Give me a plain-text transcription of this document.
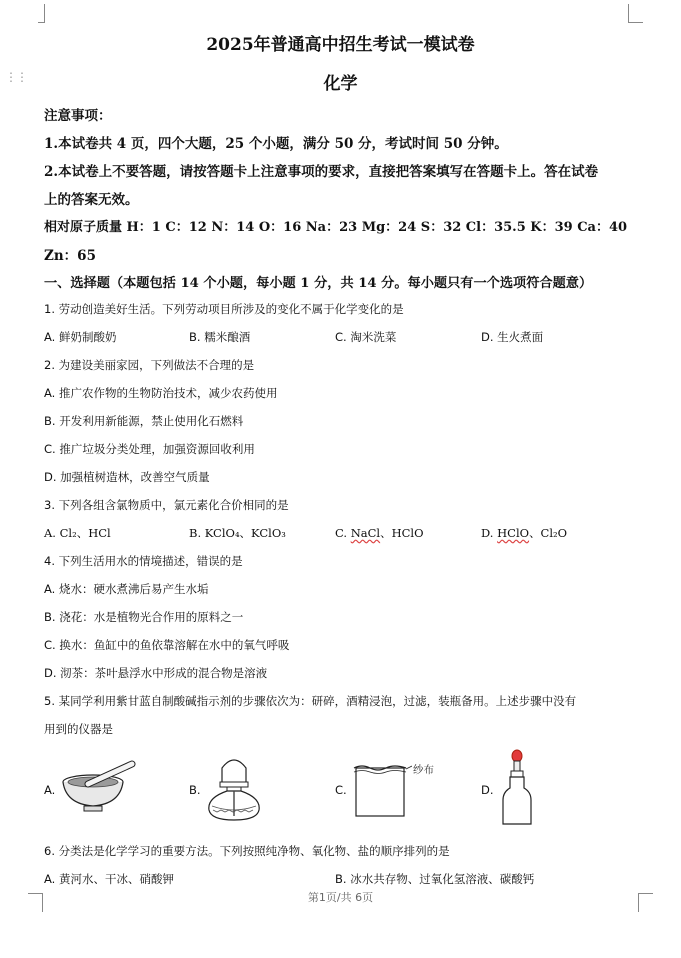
⋮⋮
2025年普通高中招生考试一模试卷
化学
注意事项：
1.本试卷共 4 页，四个大题，25 个小题，满分 50 分，考试时间 50 分钟。
2.本试卷上不要答题，请按答题卡上注意事项的要求，直接把答案填写在答题卡上。答在试卷
上的答案无效。
相对原子质量 H：1 C：12 N：14 O：16 Na：23 Mg：24 S：32 Cl：35.5 K：39 Ca：40
Zn：65
一、选择题（本题包括 14 个小题，每小题 1 分，共 14 分。每小题只有一个选项符合题意）
1. 劳动创造美好生活。下列劳动项目所涉及的变化不属于化学变化的是
A. 鲜奶制酸奶	B. 糯米酿酒	C. 淘米洗菜	D. 生火煮面
2. 为建设美丽家园，下列做法不合理的是
A. 推广农作物的生物防治技术，减少农药使用
B. 开发利用新能源，禁止使用化石燃料
C. 推广垃圾分类处理，加强资源回收利用
D. 加强植树造林，改善空气质量
3. 下列各组含氯物质中，氯元素化合价相同的是
A. Cl₂、HCl	B. KClO₄、KClO₃	C. NaCl、HClO	D. HClO、Cl₂O
4. 下列生活用水的情境描述，错误的是
A. 烧水：硬水煮沸后易产生水垢
B. 浇花：水是植物光合作用的原料之一
C. 换水：鱼缸中的鱼依靠溶解在水中的氧气呼吸
D. 沏茶：茶叶悬浮水中形成的混合物是溶液
5. 某同学利用紫甘蓝自制酸碱指示剂的步骤依次为：研碎，酒精浸泡，过滤，装瓶备用。上述步骤中没有
用到的仪器是
A.	B.	C.
纱布
D.
6. 分类法是化学学习的重要方法。下列按照纯净物、氧化物、盐的顺序排列的是
A. 黄河水、干冰、硝酸钾	B. 冰水共存物、过氧化氢溶液、碳酸钙
第1页/共 6页
